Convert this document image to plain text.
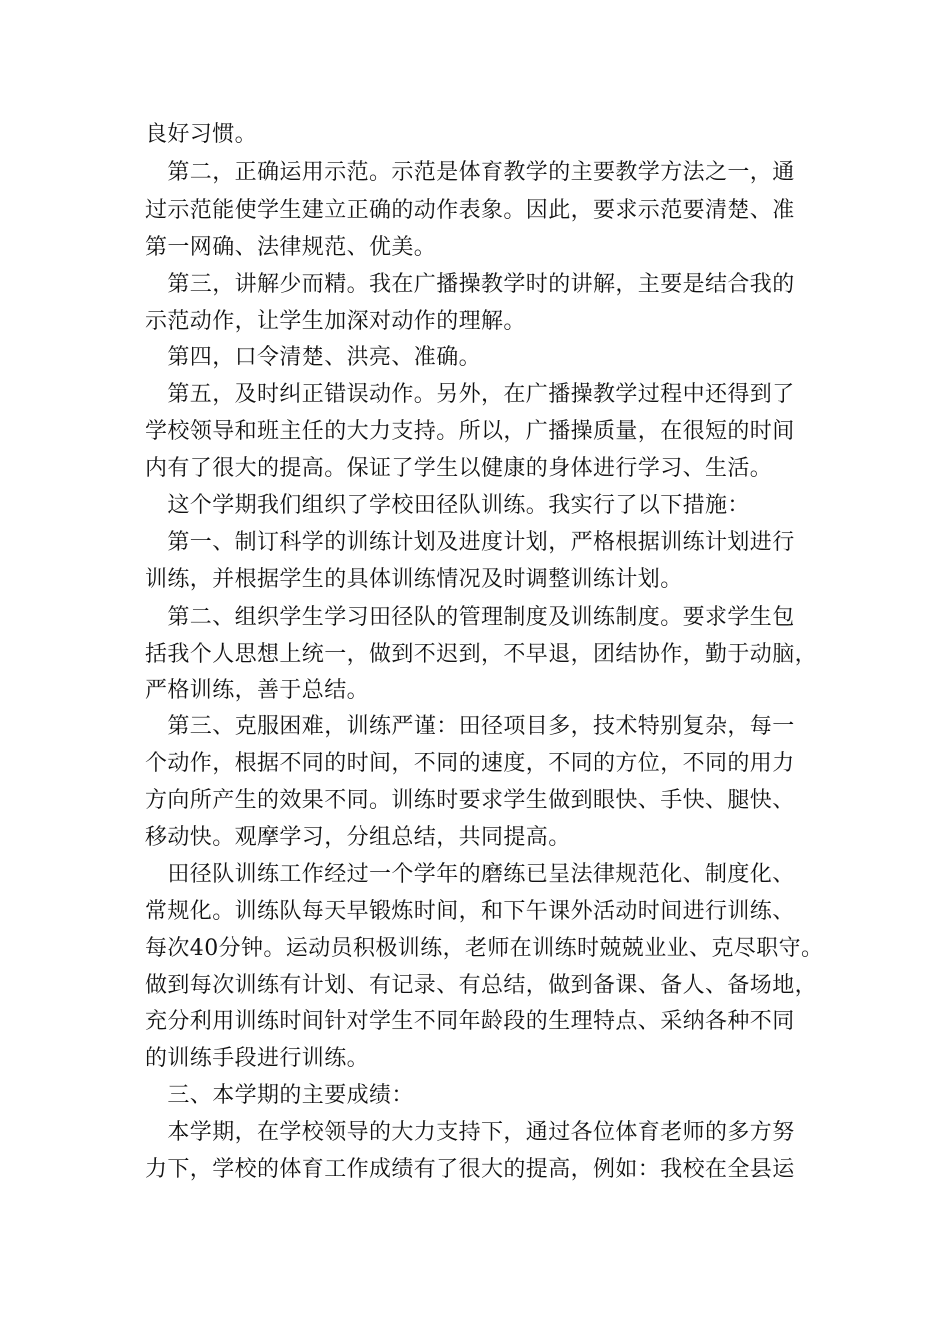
良好习惯。
　第二，正确运用示范。示范是体育教学的主要教学方法之一，通
过示范能使学生建立正确的动作表象。因此，要求示范要清楚、准
第一网确、法律规范、优美。
　第三，讲解少而精。我在广播操教学时的讲解，主要是结合我的
示范动作，让学生加深对动作的理解。
　第四，口令清楚、洪亮、准确。
　第五，及时纠正错误动作。另外，在广播操教学过程中还得到了
学校领导和班主任的大力支持。所以，广播操质量，在很短的时间
内有了很大的提高。保证了学生以健康的身体进行学习、生活。
　这个学期我们组织了学校田径队训练。我实行了以下措施：
　第一、制订科学的训练计划及进度计划，严格根据训练计划进行
训练，并根据学生的具体训练情况及时调整训练计划。
　第二、组织学生学习田径队的管理制度及训练制度。要求学生包
括我个人思想上统一，做到不迟到，不早退，团结协作，勤于动脑，
严格训练，善于总结。
　第三、克服困难，训练严谨：田径项目多，技术特别复杂，每一
个动作，根据不同的时间，不同的速度，不同的方位，不同的用力
方向所产生的效果不同。训练时要求学生做到眼快、手快、腿快、
移动快。观摩学习，分组总结，共同提高。
　田径队训练工作经过一个学年的磨练已呈法律规范化、制度化、
常规化。训练队每天早锻炼时间，和下午课外活动时间进行训练、
每次40分钟。运动员积极训练，老师在训练时兢兢业业、克尽职守。
做到每次训练有计划、有记录、有总结，做到备课、备人、备场地，
充分利用训练时间针对学生不同年龄段的生理特点、采纳各种不同
的训练手段进行训练。
　三、本学期的主要成绩：
　本学期，在学校领导的大力支持下，通过各位体育老师的多方努
力下，学校的体育工作成绩有了很大的提高，例如：我校在全县运
